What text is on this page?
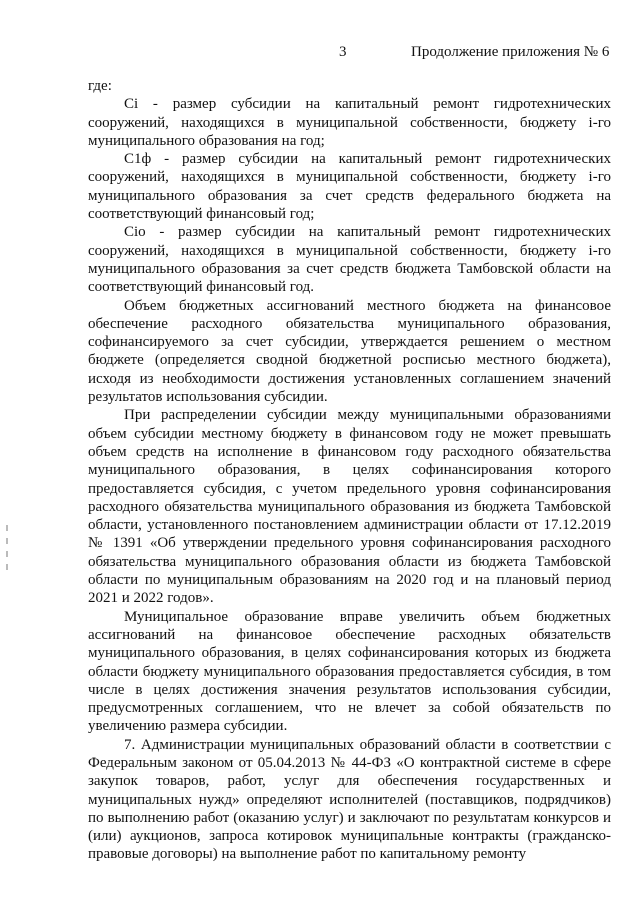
3	Продолжение приложения № 6

где:

Сi - размер субсидии на капитальный ремонт гидротехнических сооружений, находящихся в муниципальной собственности, бюджету i-го муниципального образования на год;

С1ф - размер субсидии на капитальный ремонт гидротехнических сооружений, находящихся в муниципальной собственности, бюджету i-го муниципального образования за счет средств федерального бюджета на соответствующий финансовый год;

Сiо - размер субсидии на капитальный ремонт гидротехнических сооружений, находящихся в муниципальной собственности, бюджету i-го муниципального образования за счет средств бюджета Тамбовской области на соответствующий финансовый год.

Объем бюджетных ассигнований местного бюджета на финансовое обеспечение расходного обязательства муниципального образования, софинансируемого за счет субсидии, утверждается решением о местном бюджете (определяется сводной бюджетной росписью местного бюджета), исходя из необходимости достижения установленных соглашением значений результатов использования субсидии.

При распределении субсидии между муниципальными образованиями объем субсидии местному бюджету в финансовом году не может превышать объем средств на исполнение в финансовом году расходного обязательства муниципального образования, в целях софинансирования которого предоставляется субсидия, с учетом предельного уровня софинансирования расходного обязательства муниципального образования из бюджета Тамбовской области, установленного постановлением администрации области от 17.12.2019 № 1391 «Об утверждении предельного уровня софинансирования расходного обязательства муниципального образования области из бюджета Тамбовской области по муниципальным образованиям на 2020 год и на плановый период 2021 и 2022 годов».

Муниципальное образование вправе увеличить объем бюджетных ассигнований на финансовое обеспечение расходных обязательств муниципального образования, в целях софинансирования которых из бюджета области бюджету муниципального образования предоставляется субсидия, в том числе в целях достижения значения результатов использования субсидии, предусмотренных соглашением, что не влечет за собой обязательств по увеличению размера субсидии.

7. Администрации муниципальных образований области в соответствии с Федеральным законом от 05.04.2013 № 44-ФЗ «О контрактной системе в сфере закупок товаров, работ, услуг для обеспечения государственных и муниципальных нужд» определяют исполнителей (поставщиков, подрядчиков) по выполнению работ (оказанию услуг) и заключают по результатам конкурсов и (или) аукционов, запроса котировок муниципальные контракты (гражданско-правовые договоры) на выполнение работ по капитальному ремонту
